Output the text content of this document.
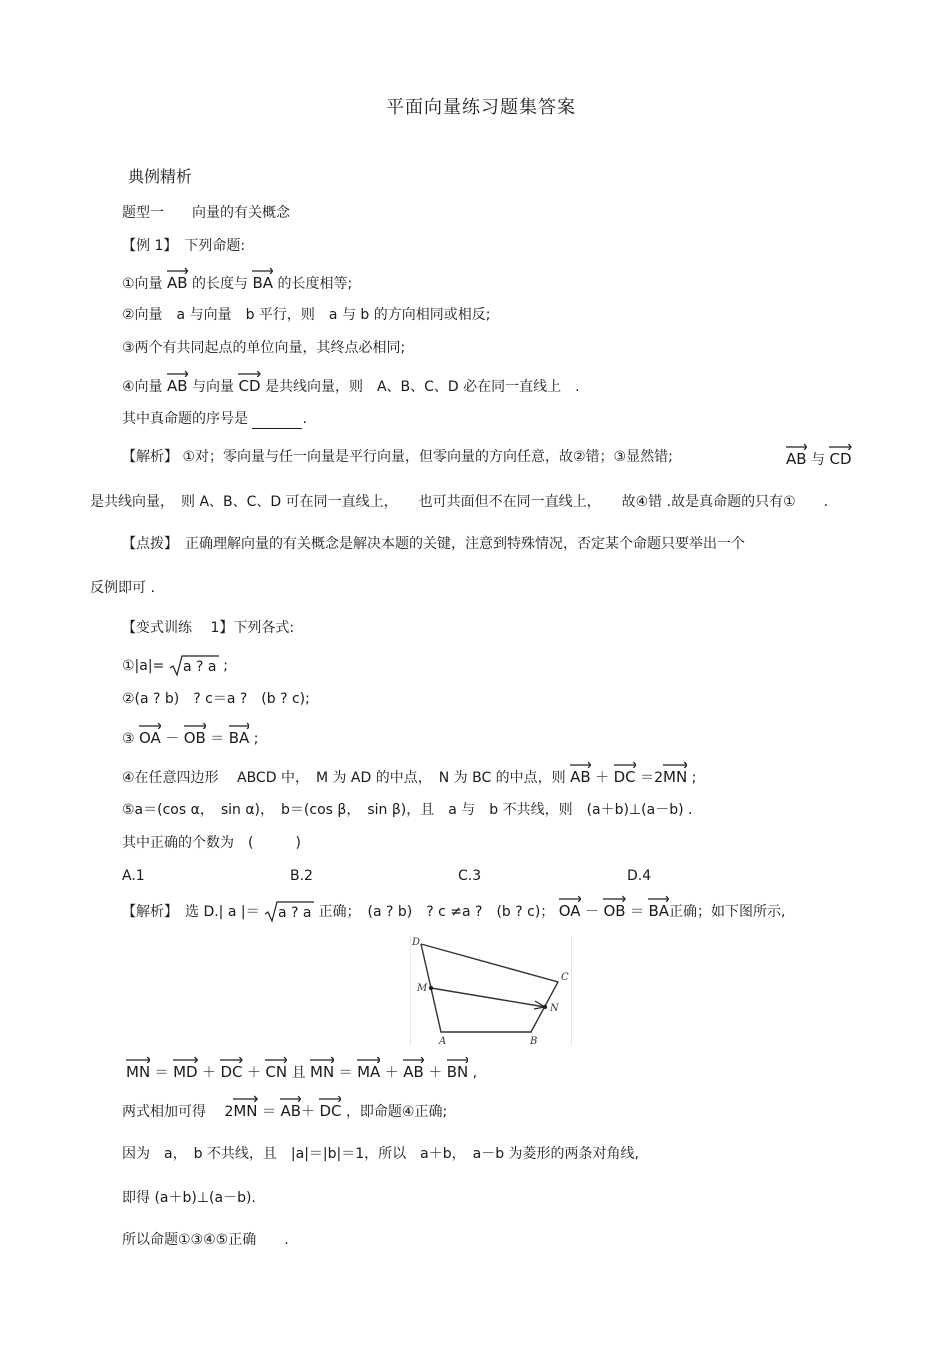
平面向量练习题集答案
典例精析
题型一　　向量的有关概念
【例 1】　下列命题:
①向量 AB 的长度与 BA 的长度相等;
②向量　a 与向量　b 平行，则　a 与 b 的方向相同或相反;
③两个有共同起点的单位向量，其终点必相同;
④向量 AB 与向量 CD 是共线向量，则　A、B、C、D 必在同一直线上　.
其中真命题的序号是	.
【解析】 ①对；零向量与任一向量是平行向量，但零向量的方向任意，故②错；③显然错;	AB 与 CD
是共线向量，　则 A、B、C、D 可在同一直线上，　　也可共面但不在同一直线上，　　故④错 .故是真命题的只有①　　.
【点拨】　正确理解向量的有关概念是解决本题的关键，注意到特殊情况，否定某个命题只要举出一个
反例即可 .
【变式训练　 1】下列各式:
①|a|= a ? a ;
②(a ? b)　? c＝a ?　(b ? c);
③ OA － OB ＝ BA ;
④在任意四边形　 ABCD 中，　M 为 AD 的中点，　N 为 BC 的中点，则 AB ＋ DC ＝2
MN ;
⑤a＝(cos α，　sin α)，　b＝(cos β，　sin β)，且　a 与　b 不共线，则　(a＋b)⊥(a－b) .
其中正确的个数为　(　　　)
A.1	B.2	C.3	D.4
【解析】　选 D.| a |＝ a ? a 正确；　(a ? b)　? c ≠a ?　(b ? c)； OA － OB ＝ BA正确；如下图所示,
D
C
M
N
A	B
MN ＝ MD ＋ DC ＋ CN 且 MN ＝ MA ＋ AB ＋ BN ,
两式相加可得　 2
MN ＝ AB＋ DC ，即命题④正确;
因为　a，　b 不共线，且　|a|＝|b|＝1，所以　a＋b，　a－b 为菱形的两条对角线,
即得 (a＋b)⊥(a－b).
所以命题①③④⑤正确　　.
